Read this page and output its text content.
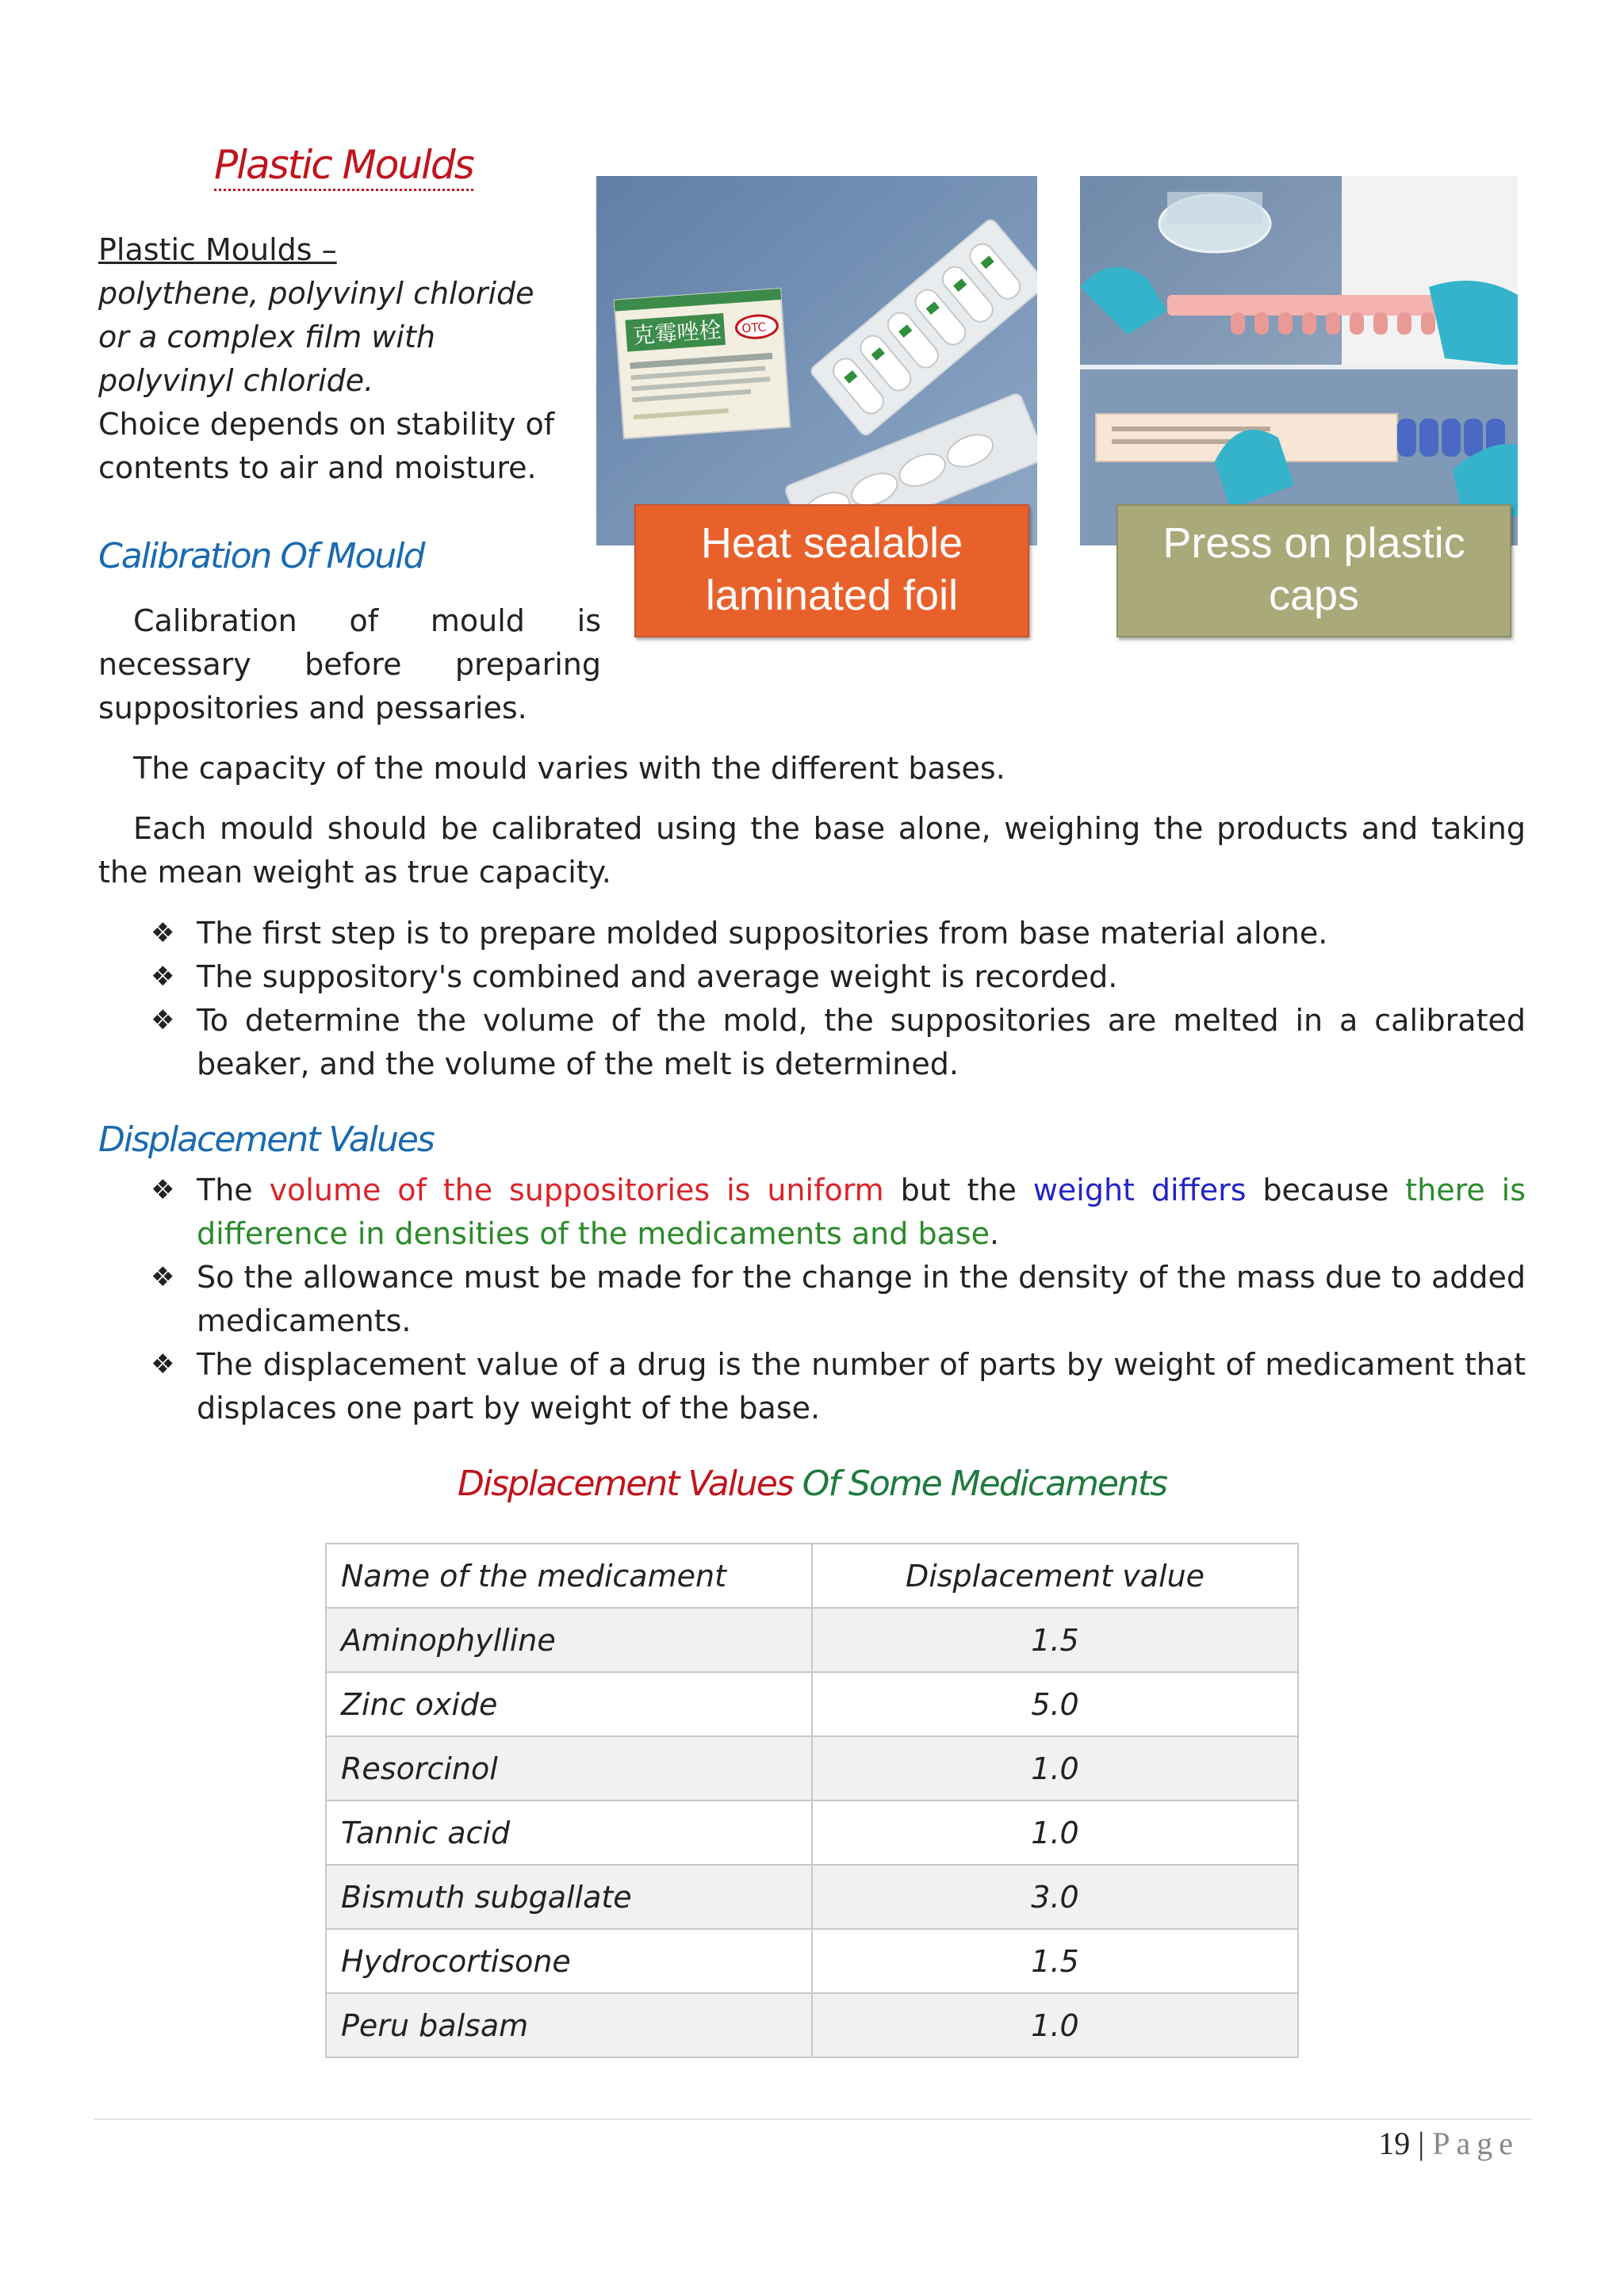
Plastic Moulds
Plastic Moulds –
polythene, polyvinyl chloride or a complex film with polyvinyl chloride.
Choice depends on stability of contents to air and moisture.
克霉唑栓 OTC
Heat sealable
laminated foil
Press on plastic
caps
Calibration Of Mould
Calibration of mould is necessary before preparing suppositories and pessaries.
The capacity of the mould varies with the different bases.
Each mould should be calibrated using the base alone, weighing the products and taking the mean weight as true capacity.
❖ The first step is to prepare molded suppositories from base material alone.
❖ The suppository's combined and average weight is recorded.
❖ To determine the volume of the mold, the suppositories are melted in a calibrated beaker, and the volume of the melt is determined.
Displacement Values
❖ The volume of the suppositories is uniform but the weight differs because there is difference in densities of the medicaments and base.
❖ So the allowance must be made for the change in the density of the mass due to added medicaments.
❖ The displacement value of a drug is the number of parts by weight of medicament that displaces one part by weight of the base.
Displacement Values Of Some Medicaments
Name of the medicament	Displacement value
Aminophylline	1.5
Zinc oxide	5.0
Resorcinol	1.0
Tannic acid	1.0
Bismuth subgallate	3.0
Hydrocortisone	1.5
Peru balsam	1.0
19 | Page
